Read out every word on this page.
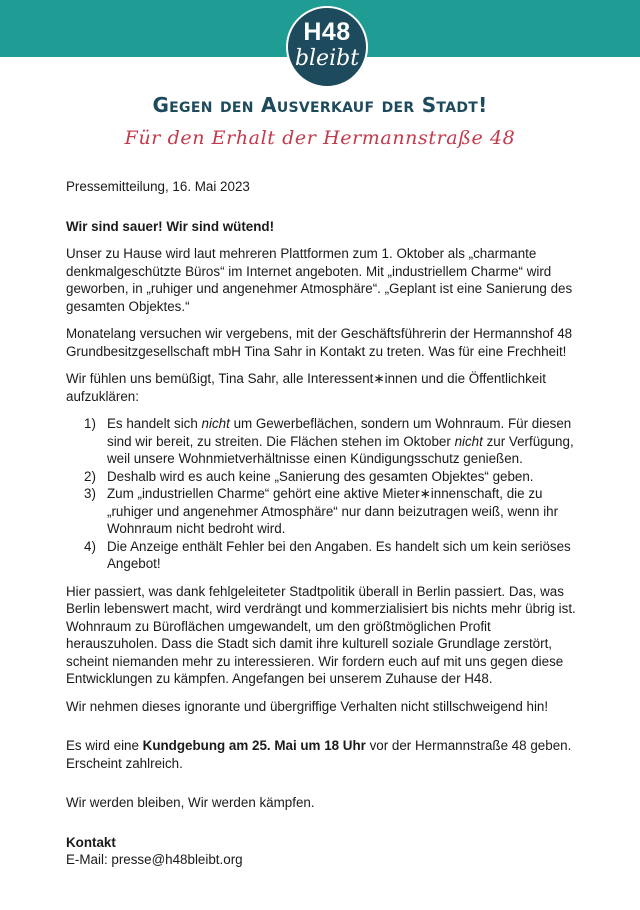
H48
bleibt
Gegen den Ausverkauf der Stadt!
Für den Erhalt der Hermannstraße 48

Pressemitteilung, 16. Mai 2023

Wir sind sauer! Wir sind wütend!

Unser zu Hause wird laut mehreren Plattformen zum 1. Oktober als „charmante denkmalgeschützte Büros“ im Internet angeboten. Mit „industriellem Charme“ wird geworben, in „ruhiger und angenehmer Atmosphäre“. „Geplant ist eine Sanierung des gesamten Objektes.“

Monatelang versuchen wir vergebens, mit der Geschäftsführerin der Hermannshof 48 Grundbesitzgesellschaft mbH Tina Sahr in Kontakt zu treten. Was für eine Frechheit!

Wir fühlen uns bemüßigt, Tina Sahr, alle Interessent∗innen und die Öffentlichkeit aufzuklären:

1) Es handelt sich nicht um Gewerbeflächen, sondern um Wohnraum. Für diesen sind wir bereit, zu streiten. Die Flächen stehen im Oktober nicht zur Verfügung, weil unsere Wohnmietverhältnisse einen Kündigungsschutz genießen.
2) Deshalb wird es auch keine „Sanierung des gesamten Objektes“ geben.
3) Zum „industriellen Charme“ gehört eine aktive Mieter∗innenschaft, die zu „ruhiger und angenehmer Atmosphäre“ nur dann beizutragen weiß, wenn ihr Wohnraum nicht bedroht wird.
4) Die Anzeige enthält Fehler bei den Angaben. Es handelt sich um kein seriöses Angebot!

Hier passiert, was dank fehlgeleiteter Stadtpolitik überall in Berlin passiert. Das, was Berlin lebenswert macht, wird verdrängt und kommerzialisiert bis nichts mehr übrig ist. Wohnraum zu Büroflächen umgewandelt, um den größtmöglichen Profit herauszuholen. Dass die Stadt sich damit ihre kulturell soziale Grundlage zerstört, scheint niemanden mehr zu interessieren. Wir fordern euch auf mit uns gegen diese Entwicklungen zu kämpfen. Angefangen bei unserem Zuhause der H48.

Wir nehmen dieses ignorante und übergriffige Verhalten nicht stillschweigend hin!

Es wird eine Kundgebung am 25. Mai um 18 Uhr vor der Hermannstraße 48 geben. Erscheint zahlreich.

Wir werden bleiben, Wir werden kämpfen.

Kontakt

E-Mail: presse@h48bleibt.org
